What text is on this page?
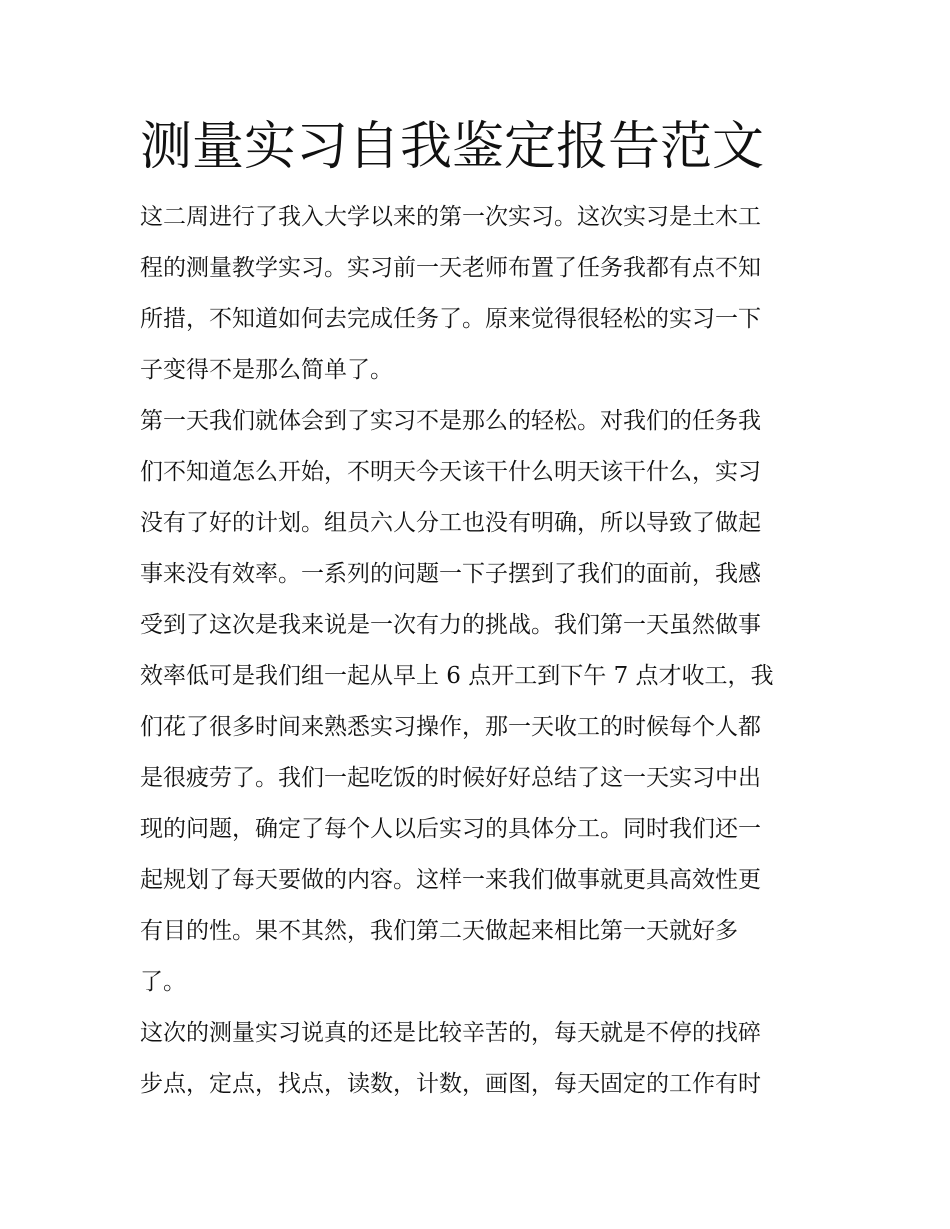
测量实习自我鉴定报告范文

这二周进行了我入大学以来的第一次实习。这次实习是土木工

程的测量教学实习。实习前一天老师布置了任务我都有点不知

所措，不知道如何去完成任务了。原来觉得很轻松的实习一下

子变得不是那么简单了。

第一天我们就体会到了实习不是那么的轻松。对我们的任务我

们不知道怎么开始，不明天今天该干什么明天该干什么，实习

没有了好的计划。组员六人分工也没有明确，所以导致了做起

事来没有效率。一系列的问题一下子摆到了我们的面前，我感

受到了这次是我来说是一次有力的挑战。我们第一天虽然做事

效率低可是我们组一起从早上 6 点开工到下午 7 点才收工，我

们花了很多时间来熟悉实习操作，那一天收工的时候每个人都

是很疲劳了。我们一起吃饭的时候好好总结了这一天实习中出

现的问题，确定了每个人以后实习的具体分工。同时我们还一

起规划了每天要做的内容。这样一来我们做事就更具高效性更

有目的性。果不其然，我们第二天做起来相比第一天就好多

了。

这次的测量实习说真的还是比较辛苦的，每天就是不停的找碎

步点，定点，找点，读数，计数，画图，每天固定的工作有时
